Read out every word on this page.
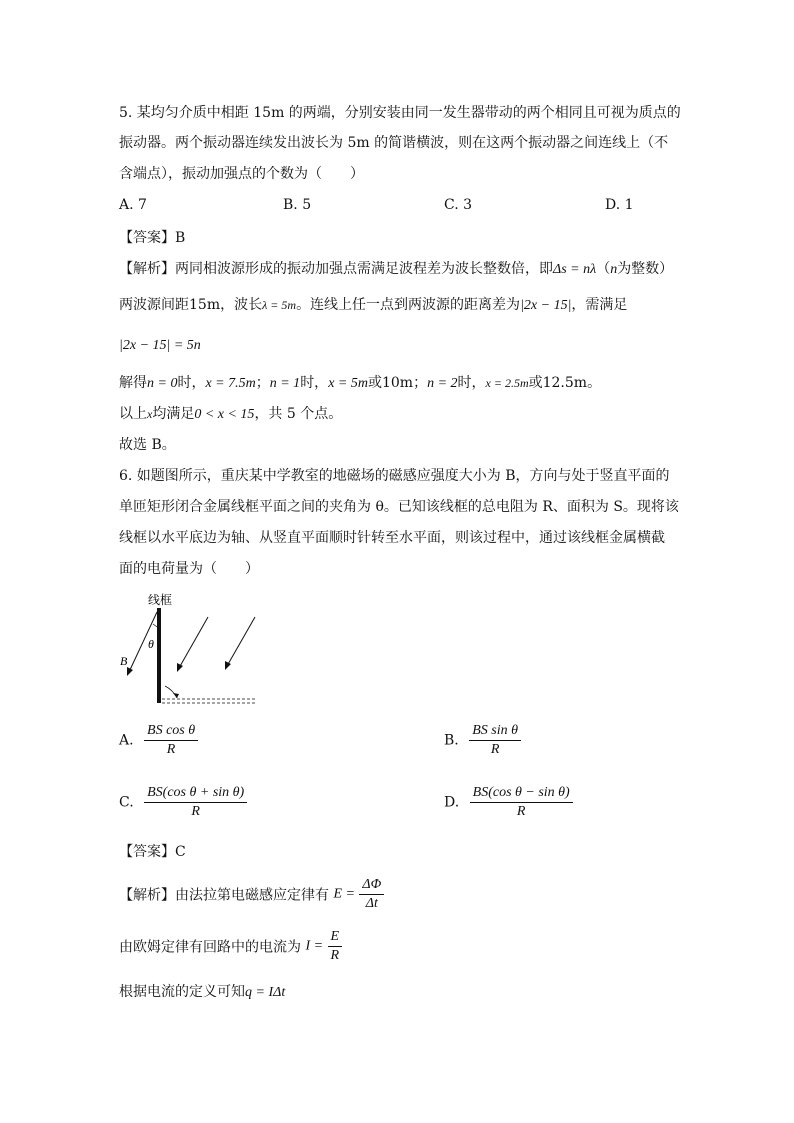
5. 某均匀介质中相距 15m 的两端，分别安装由同一发生器带动的两个相同且可视为质点的
振动器。两个振动器连续发出波长为 5m 的简谐横波，则在这两个振动器之间连线上（不
含端点），振动加强点的个数为（　　）
A. 7	B. 5	C. 3	D. 1
【答案】B
【解析】两同相波源形成的振动加强点需满足波程差为波长整数倍，即Δs = nλ（n为整数）
两波源间距15m，波长λ = 5m。连线上任一点到两波源的距离差为|2x − 15|，需满足
|2x − 15| = 5n
解得n = 0时，x = 7.5m；n = 1时，x = 5m或10m；n = 2时，x = 2.5m或12.5m。
以上x均满足0 < x < 15，共 5 个点。
故选 B。
6. 如题图所示，重庆某中学教室的地磁场的磁感应强度大小为 B，方向与处于竖直平面的
单匝矩形闭合金属线框平面之间的夹角为 θ。已知该线框的总电阻为 R、面积为 S。现将该
线框以水平底边为轴、从竖直平面顺时针转至水平面，则该过程中，通过该线框金属横截
面的电荷量为（　　）
线框
θ
B
A. $\frac{\text{BS cos θ}}{R}$	B. $\frac{\text{BS sin θ}}{R}$
C. $\frac{\text{BS(cos θ + sin θ)}}{R}$	D. $\frac{\text{BS(cos θ − sin θ)}}{R}$
【答案】C
【解析】由法拉第电磁感应定律有 $E = \frac{\Delta\Phi}{\Delta t}$
由欧姆定律有回路中的电流为 $I = \frac{E}{R}$
根据电流的定义可知q = IΔt
